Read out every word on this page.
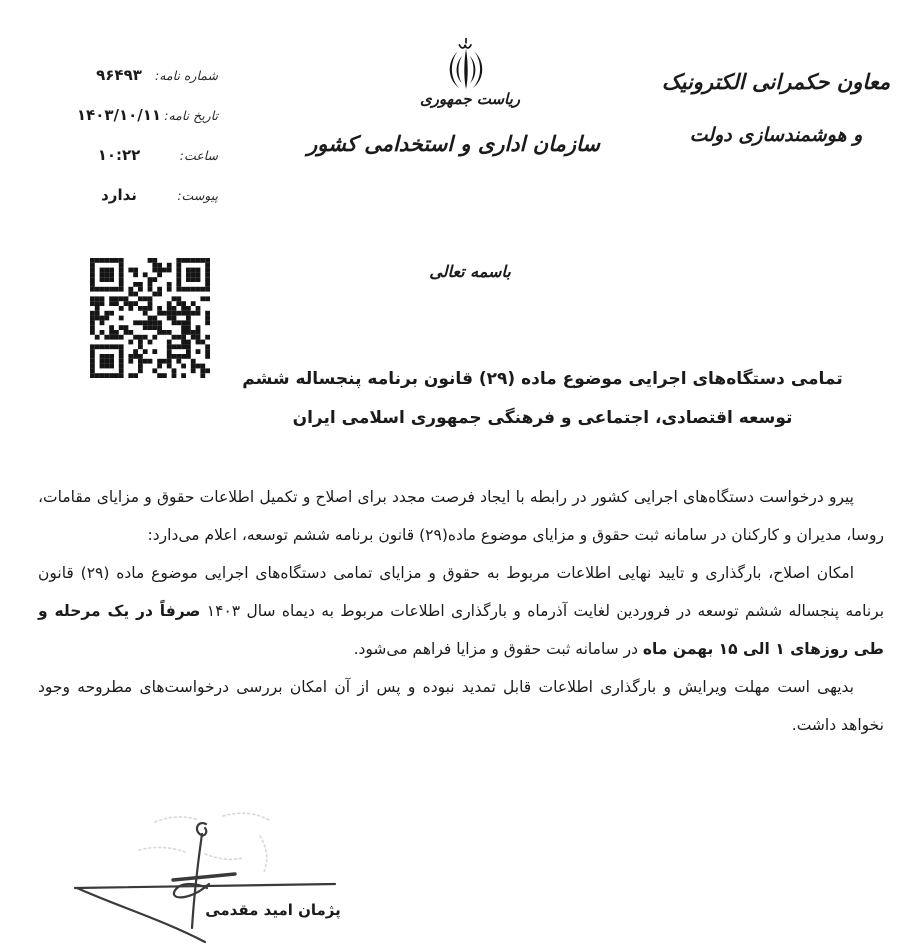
شماره نامه:
۹۶۴۹۳
تاریخ نامه:
۱۴۰۳/۱۰/۱۱
ساعت:
۱۰:۲۲
پیوست:
ندارد
ریاست جمهوری
سازمان اداری و استخدامی کشور
معاون حکمرانی الکترونیک
و هوشمندسازی دولت
باسمه تعالی
تمامی دستگاه‌های اجرایی موضوع ماده (۲۹) قانون برنامه پنجساله ششم
توسعه اقتصادی، اجتماعی و فرهنگی جمهوری اسلامی ایران

پیرو درخواست دستگاه‌های اجرایی کشور در رابطه با ایجاد فرصت مجدد برای اصلاح و تکمیل اطلاعات حقوق و مزایای مقامات، روسا، مدیران و کارکنان در سامانه ثبت حقوق و مزایای موضوع ماده(۲۹) قانون برنامه ششم توسعه، اعلام می‌دارد:

امکان اصلاح، بارگذاری و تایید نهایی اطلاعات مربوط به حقوق و مزایای تمامی دستگاه‌های اجرایی موضوع ماده (۲۹) قانون برنامه پنجساله ششم توسعه در فروردین لغایت آذرماه و بارگذاری اطلاعات مربوط به دیماه سال ۱۴۰۳ صرفاً در یک مرحله و طی روزهای ۱ الی ۱۵ بهمن ماه در سامانه ثبت حقوق و مزایا فراهم می‌شود.

بدیهی است مهلت ویرایش و بارگذاری اطلاعات قابل تمدید نبوده و پس از آن امکان بررسی درخواست‌های مطروحه وجود نخواهد داشت.

پژمان امید مقدمی
